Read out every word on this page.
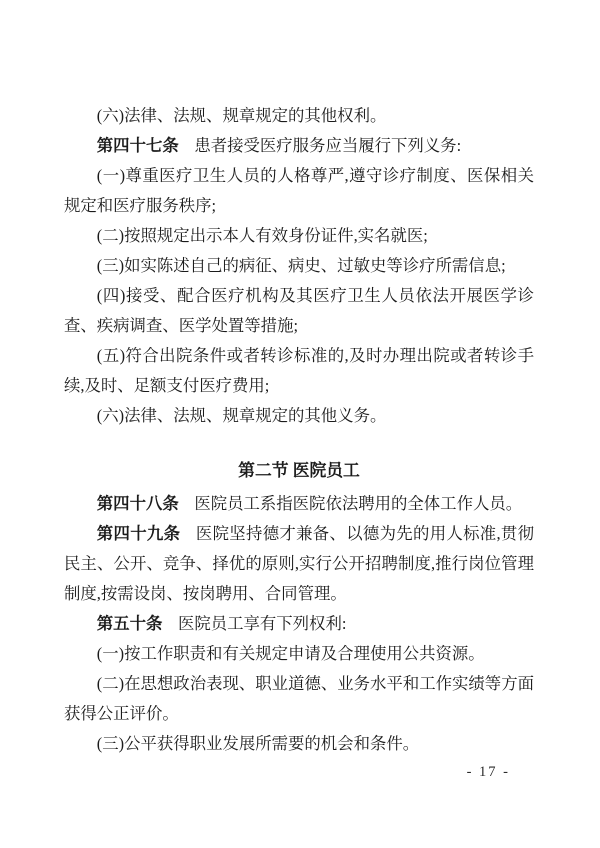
(六)法律、法规、规章规定的其他权利。

第四十七条 患者接受医疗服务应当履行下列义务:

(一)尊重医疗卫生人员的人格尊严,遵守诊疗制度、医保相关规定和医疗服务秩序;

(二)按照规定出示本人有效身份证件,实名就医;

(三)如实陈述自己的病征、病史、过敏史等诊疗所需信息;

(四)接受、配合医疗机构及其医疗卫生人员依法开展医学诊查、疾病调查、医学处置等措施;

(五)符合出院条件或者转诊标准的,及时办理出院或者转诊手续,及时、足额支付医疗费用;

(六)法律、法规、规章规定的其他义务。

第二节 医院员工

第四十八条 医院员工系指医院依法聘用的全体工作人员。

第四十九条 医院坚持德才兼备、以德为先的用人标准,贯彻民主、公开、竞争、择优的原则,实行公开招聘制度,推行岗位管理制度,按需设岗、按岗聘用、合同管理。

第五十条 医院员工享有下列权利:

(一)按工作职责和有关规定申请及合理使用公共资源。

(二)在思想政治表现、职业道德、业务水平和工作实绩等方面获得公正评价。

(三)公平获得职业发展所需要的机会和条件。

- 17 -
